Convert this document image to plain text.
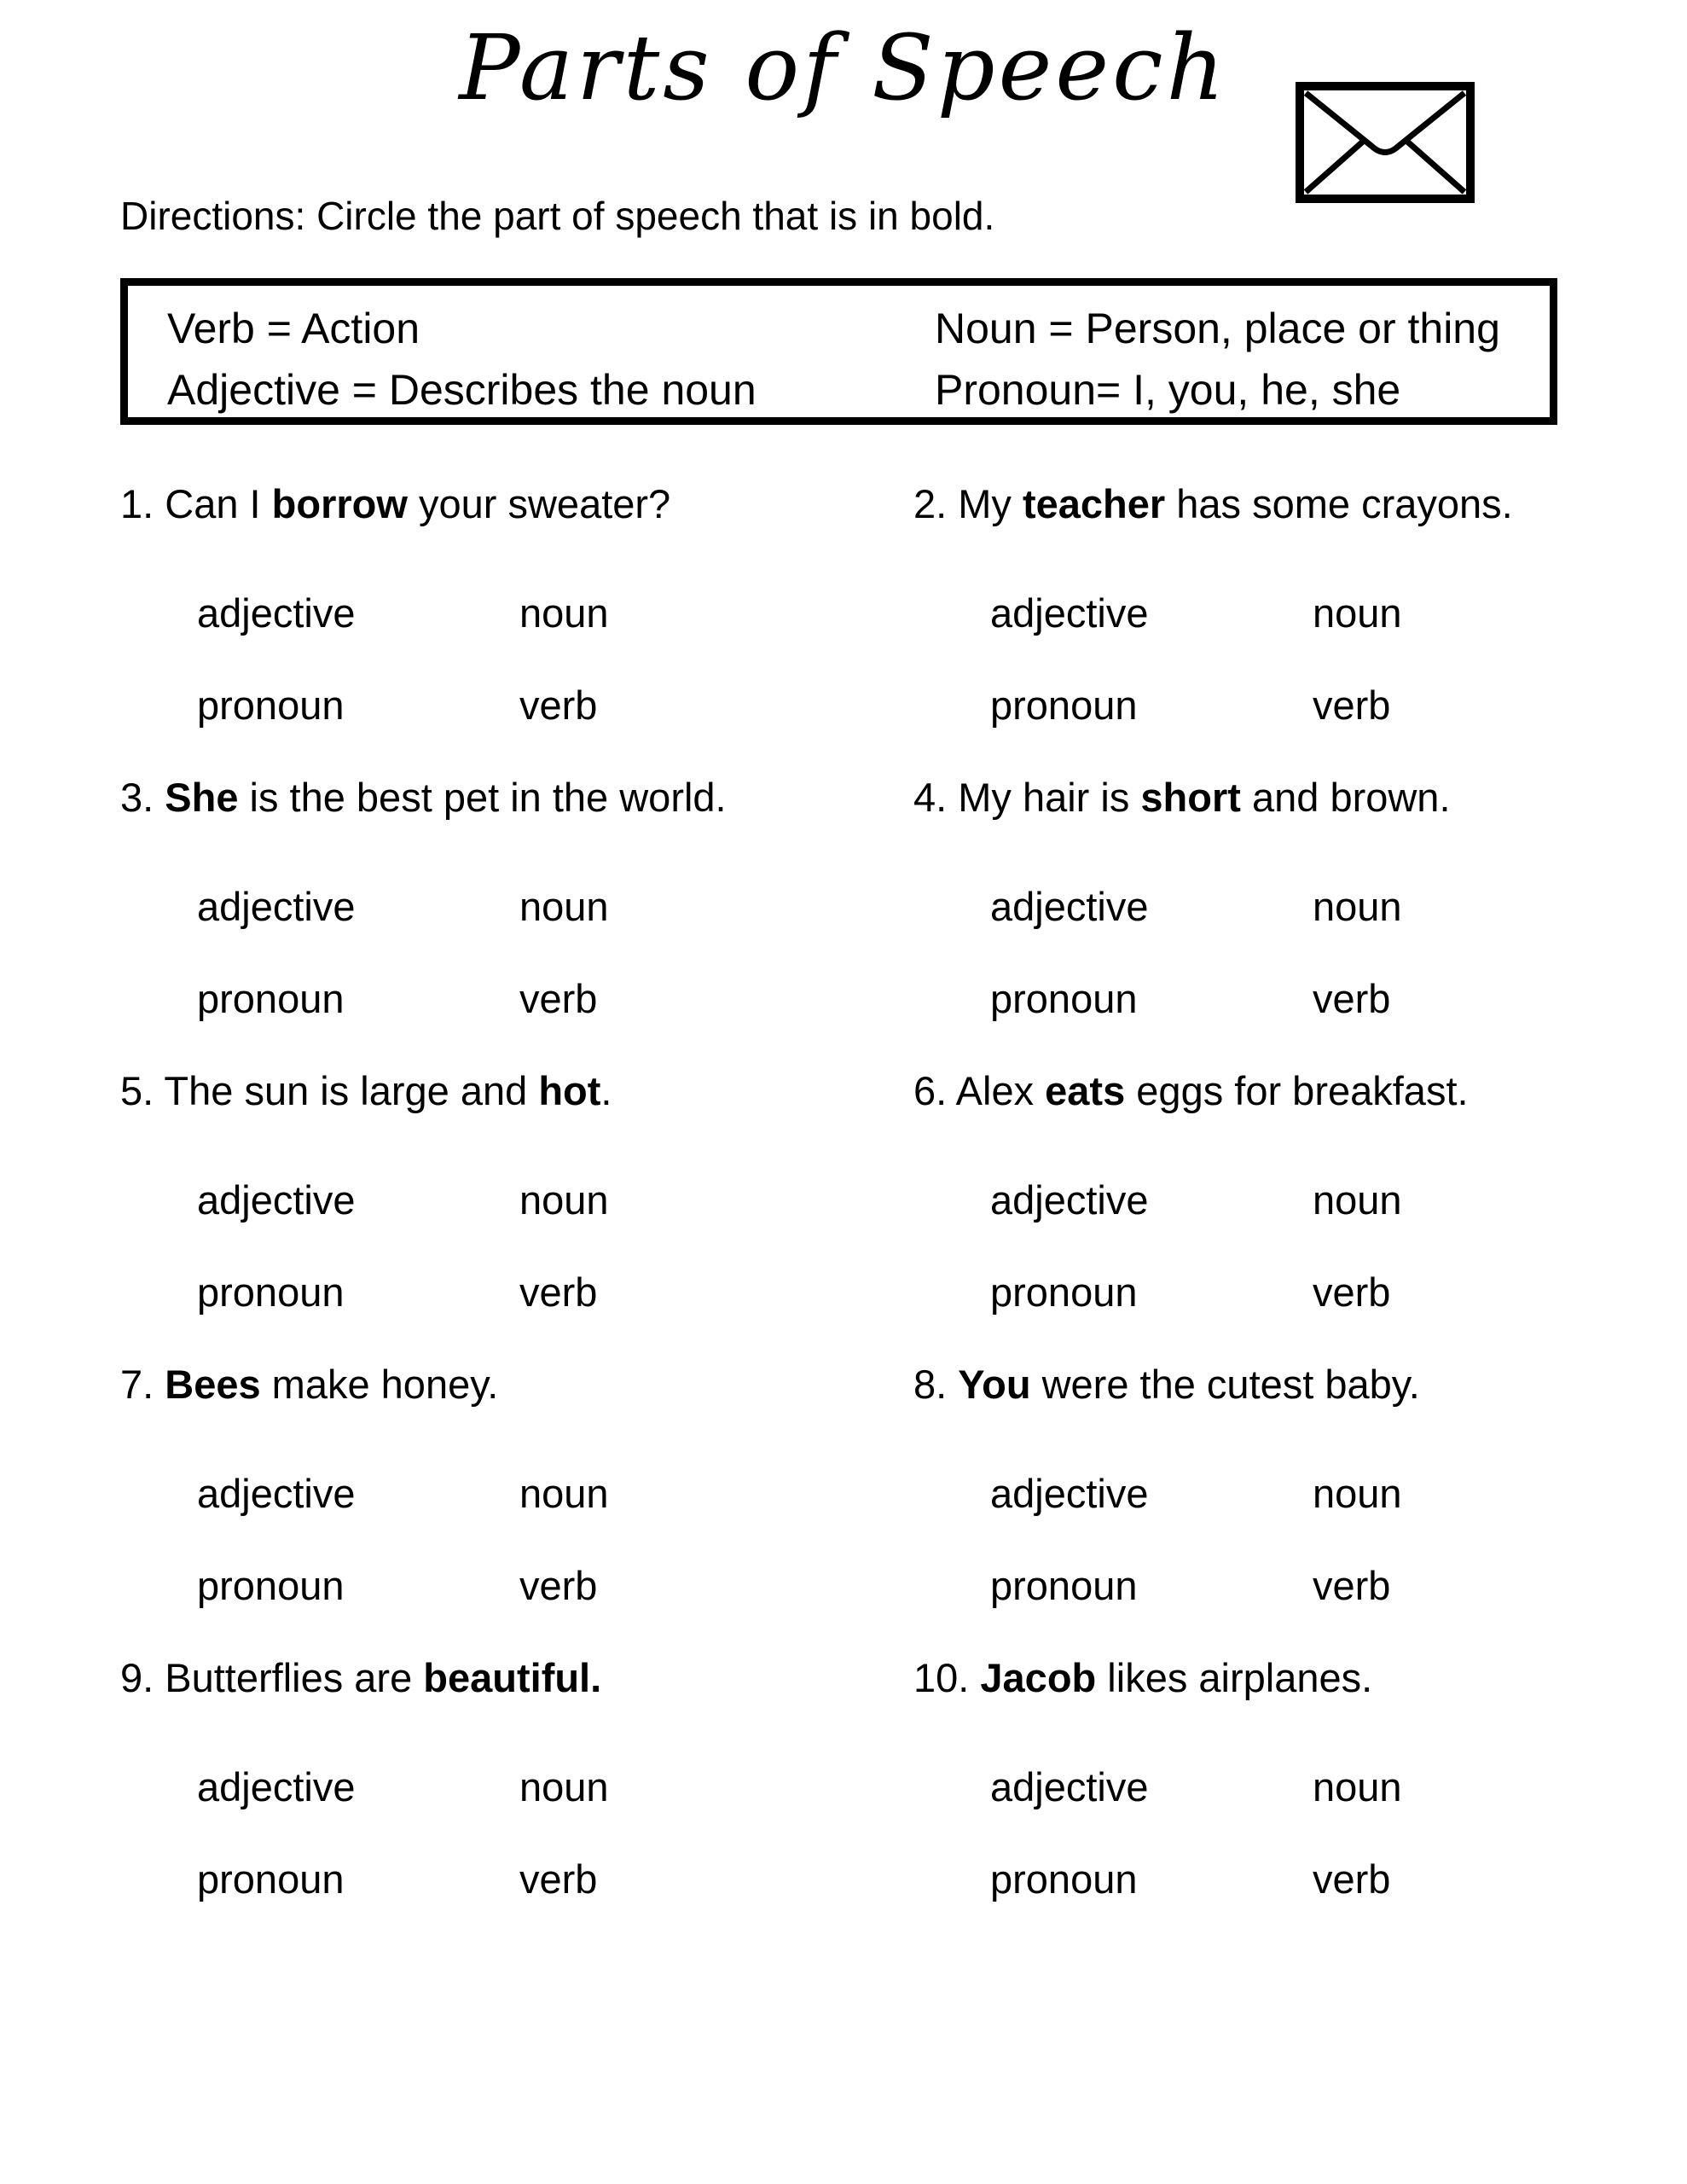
Parts of Speech
Directions: Circle the part of speech that is in bold.
Verb = Action
Adjective = Describes the noun
Noun = Person, place or thing
Pronoun= I, you, he, she
1. Can I borrow your sweater?
adjective	noun
pronoun	verb
2. My teacher has some crayons.
adjective	noun
pronoun	verb
3. She is the best pet in the world.
adjective	noun
pronoun	verb
4. My hair is short and brown.
adjective	noun
pronoun	verb
5. The sun is large and hot.
adjective	noun
pronoun	verb
6. Alex eats eggs for breakfast.
adjective	noun
pronoun	verb
7. Bees make honey.
adjective	noun
pronoun	verb
8. You were the cutest baby.
adjective	noun
pronoun	verb
9. Butterflies are beautiful.
adjective	noun
pronoun	verb
10. Jacob likes airplanes.
adjective	noun
pronoun	verb
